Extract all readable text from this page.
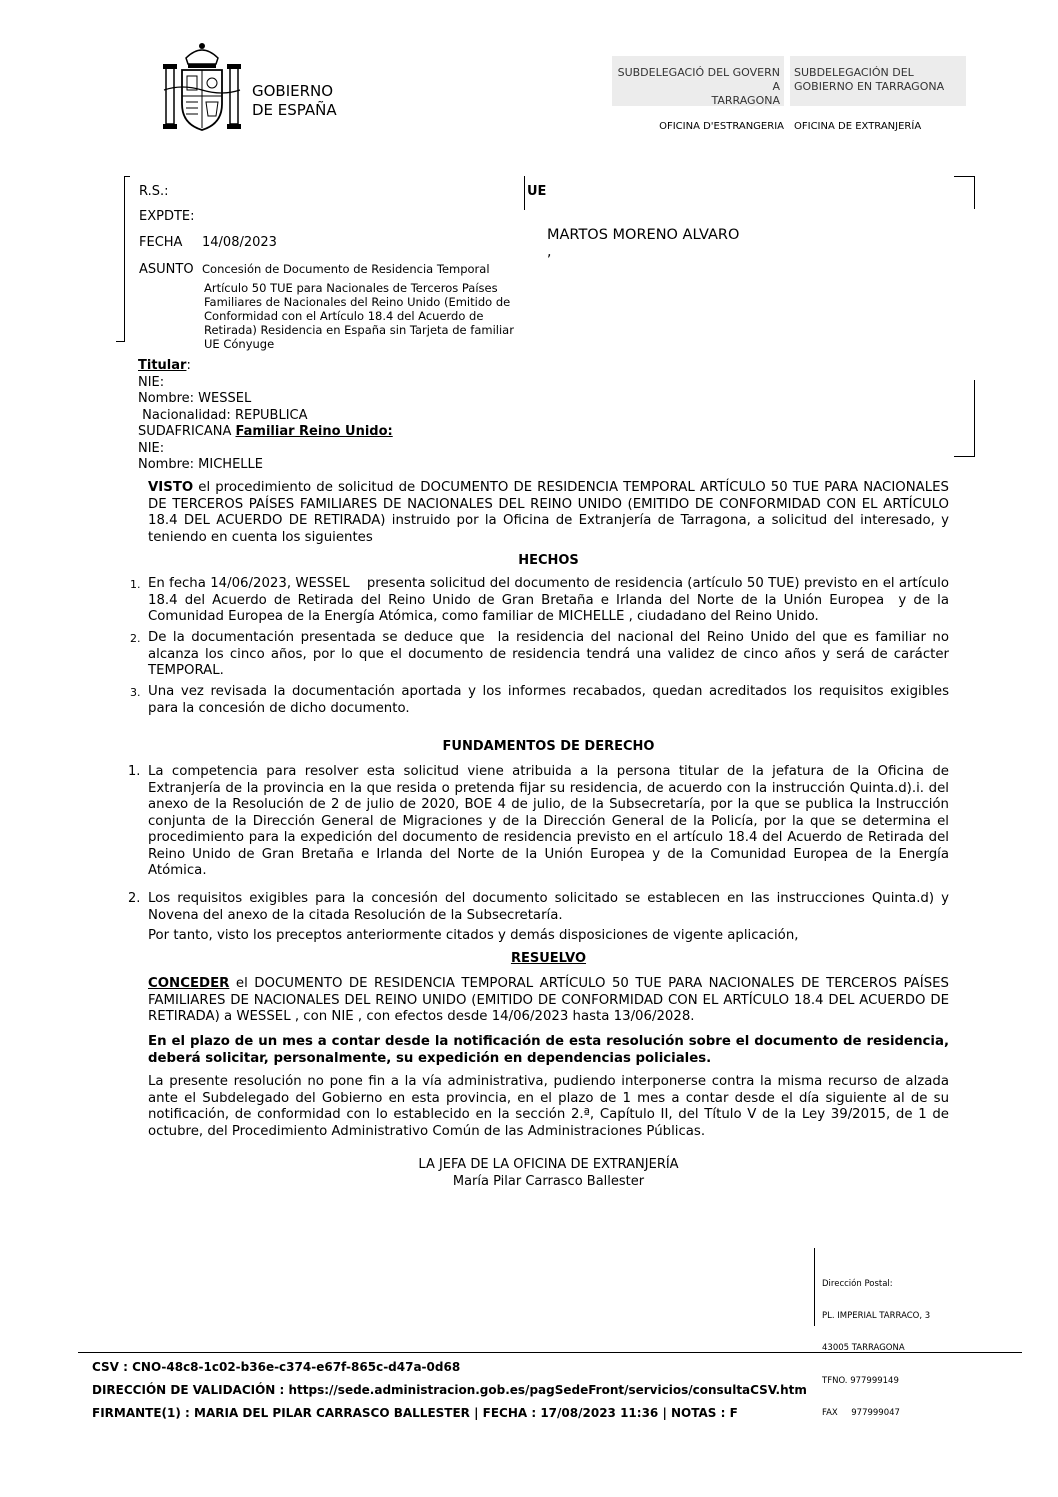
GOBIERNO
DE ESPAÑA
SUBDELEGACIÓ DEL GOVERN A
TARRAGONA
SUBDELEGACIÓN DEL
GOBIERNO EN TARRAGONA
OFICINA D'ESTRANGERIA OFICINA DE EXTRANJERÍA
R.S.:
EXPDTE:
FECHA 14/08/2023
ASUNTO Concesión de Documento de Residencia Temporal
Artículo 50 TUE para Nacionales de Terceros Países Familiares de Nacionales del Reino Unido (Emitido de Conformidad con el Artículo 18.4 del Acuerdo de Retirada) Residencia en España sin Tarjeta de familiar UE Cónyuge
UE
MARTOS MORENO ALVARO
,
Titular:
NIE:
Nombre: WESSEL
Nacionalidad: REPUBLICA
SUDAFRICANA Familiar Reino Unido:
NIE:
Nombre: MICHELLE
VISTO el procedimiento de solicitud de DOCUMENTO DE RESIDENCIA TEMPORAL ARTÍCULO 50 TUE PARA NACIONALES DE TERCEROS PAÍSES FAMILIARES DE NACIONALES DEL REINO UNIDO (EMITIDO DE CONFORMIDAD CON EL ARTÍCULO 18.4 DEL ACUERDO DE RETIRADA) instruido por la Oficina de Extranjería de Tarragona, a solicitud del interesado, y teniendo en cuenta los siguientes
HECHOS
1. En fecha 14/06/2023, WESSEL    presenta solicitud del documento de residencia (artículo 50 TUE) previsto en el artículo 18.4 del Acuerdo de Retirada del Reino Unido de Gran Bretaña e Irlanda del Norte de la Unión Europea  y de la Comunidad Europea de la Energía Atómica, como familiar de MICHELLE , ciudadano del Reino Unido.
2. De la documentación presentada se deduce que  la residencia del nacional del Reino Unido del que es familiar no alcanza los cinco años, por lo que el documento de residencia tendrá una validez de cinco años y será de carácter TEMPORAL.
3. Una vez revisada la documentación aportada y los informes recabados, quedan acreditados los requisitos exigibles para la concesión de dicho documento.
FUNDAMENTOS DE DERECHO
1. La competencia para resolver esta solicitud viene atribuida a la persona titular de la jefatura de la Oficina de Extranjería de la provincia en la que resida o pretenda fijar su residencia, de acuerdo con la instrucción Quinta.d).i. del anexo de la Resolución de 2 de julio de 2020, BOE 4 de julio, de la Subsecretaría, por la que se publica la Instrucción conjunta de la Dirección General de Migraciones y de la Dirección General de la Policía, por la que se determina el procedimiento para la expedición del documento de residencia previsto en el artículo 18.4 del Acuerdo de Retirada del Reino Unido de Gran Bretaña e Irlanda del Norte de la Unión Europea y de la Comunidad Europea de la Energía Atómica.
2. Los requisitos exigibles para la concesión del documento solicitado se establecen en las instrucciones Quinta.d) y Novena del anexo de la citada Resolución de la Subsecretaría.
Por tanto, visto los preceptos anteriormente citados y demás disposiciones de vigente aplicación,
RESUELVO
CONCEDER el DOCUMENTO DE RESIDENCIA TEMPORAL ARTÍCULO 50 TUE PARA NACIONALES DE TERCEROS PAÍSES FAMILIARES DE NACIONALES DEL REINO UNIDO (EMITIDO DE CONFORMIDAD CON EL ARTÍCULO 18.4 DEL ACUERDO DE RETIRADA) a WESSEL , con NIE , con efectos desde 14/06/2023 hasta 13/06/2028.
En el plazo de un mes a contar desde la notificación de esta resolución sobre el documento de residencia, deberá solicitar, personalmente, su expedición en dependencias policiales.
La presente resolución no pone fin a la vía administrativa, pudiendo interponerse contra la misma recurso de alzada ante el Subdelegado del Gobierno en esta provincia, en el plazo de 1 mes a contar desde el día siguiente al de su notificación, de conformidad con lo establecido en la sección 2.ª, Capítulo II, del Título V de la Ley 39/2015, de 1 de octubre, del Procedimiento Administrativo Común de las Administraciones Públicas.
LA JEFA DE LA OFICINA DE EXTRANJERÍA
María Pilar Carrasco Ballester

Dirección Postal:

PL. IMPERIAL TARRACO, 3

43005 TARRAGONA

TFNO. 977999149

FAX     977999047

CSV : CNO-48c8-1c02-b36e-c374-e67f-865c-d47a-0d68
DIRECCIÓN DE VALIDACIÓN : https://sede.administracion.gob.es/pagSedeFront/servicios/consultaCSV.htm
FIRMANTE(1) : MARIA DEL PILAR CARRASCO BALLESTER | FECHA : 17/08/2023 11:36 | NOTAS : F
